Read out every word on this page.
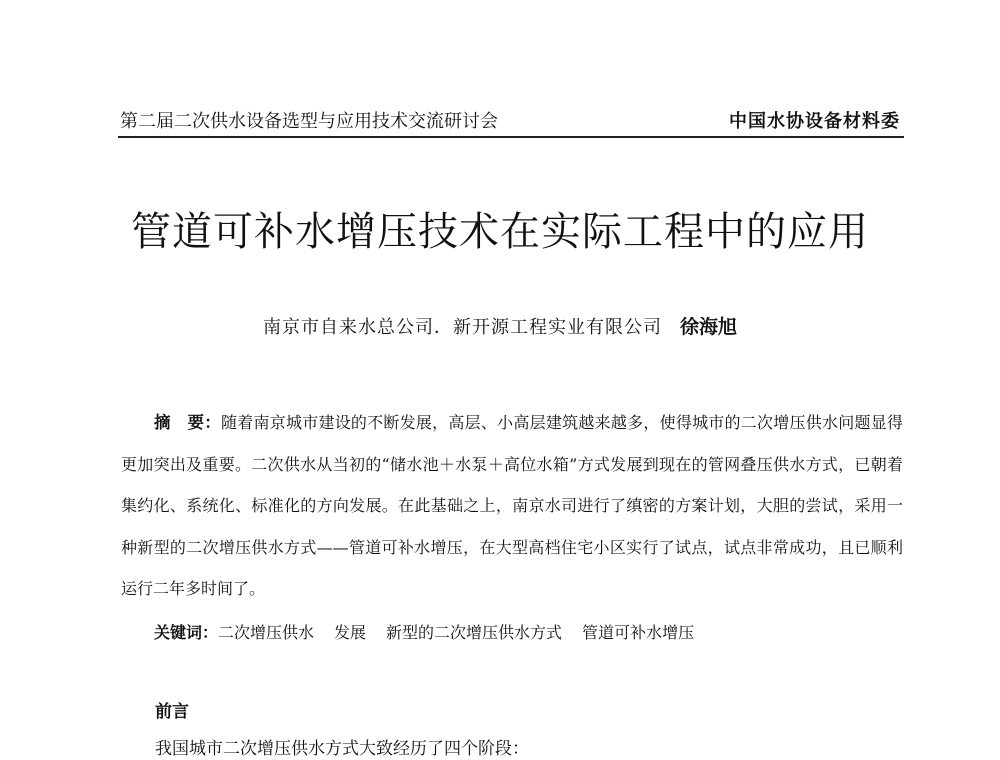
第二届二次供水设备选型与应用技术交流研讨会	中国水协设备材料委
管道可补水增压技术在实际工程中的应用
南京市自来水总公司．新开源工程实业有限公司 徐海旭

摘　要：随着南京城市建设的不断发展，高层、小高层建筑越来越多，使得城市的二次增压供水问题显得更加突出及重要。二次供水从当初的“储水池＋水泵＋高位水箱”方式发展到现在的管网叠压供水方式，已朝着集约化、系统化、标准化的方向发展。在此基础之上，南京水司进行了缜密的方案计划，大胆的尝试，采用一种新型的二次增压供水方式——管道可补水增压，在大型高档住宅小区实行了试点，试点非常成功，且已顺利运行二年多时间了。

关键词：二次增压供水 发展 新型的二次增压供水方式 管道可补水增压
前言
我国城市二次增压供水方式大致经历了四个阶段：
